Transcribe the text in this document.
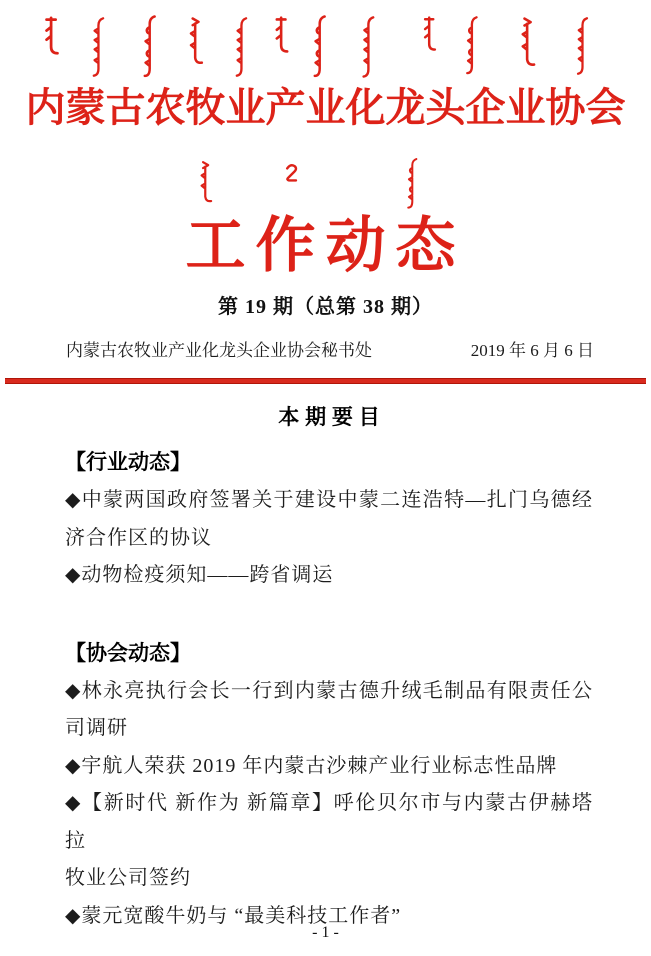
内蒙古农牧业产业化龙头企业协会
工作动态
第 19 期（总第 38 期）
内蒙古农牧业产业化龙头企业协会秘书处	2019 年 6 月 6 日
本 期 要 目
【行业动态】
◆中蒙两国政府签署关于建设中蒙二连浩特—扎门乌德经
济合作区的协议
◆动物检疫须知——跨省调运
【协会动态】
◆林永亮执行会长一行到内蒙古德升绒毛制品有限责任公
司调研
◆宇航人荣获 2019 年内蒙古沙棘产业行业标志性品牌
◆【新时代 新作为 新篇章】呼伦贝尔市与内蒙古伊赫塔拉
牧业公司签约
◆蒙元宽酸牛奶与 “最美科技工作者”
- 1 -
